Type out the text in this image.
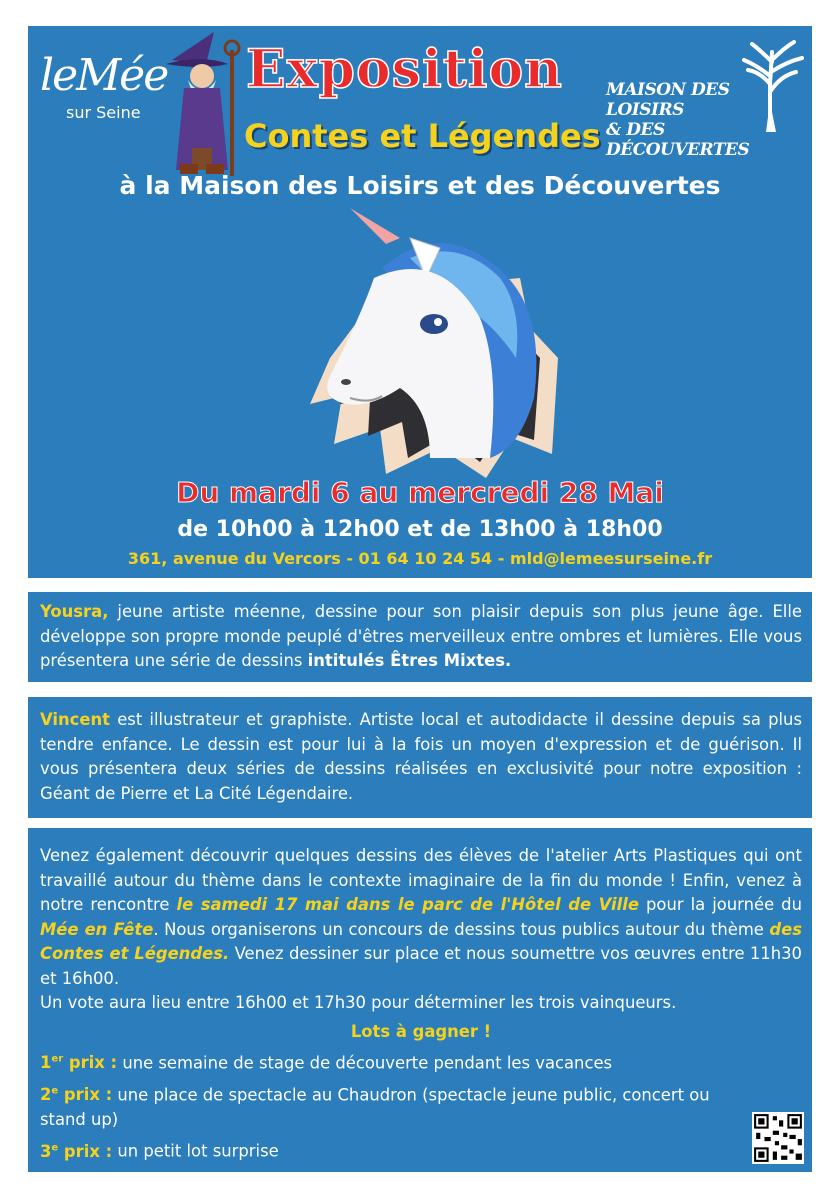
leMée
sur Seine
Exposition
Contes et Légendes
MAISON DES LOISIRS
& DES DÉCOUVERTES
à la Maison des Loisirs et des Découvertes
Du mardi 6 au mercredi 28 Mai
de 10h00 à 12h00 et de 13h00 à 18h00
361, avenue du Vercors - 01 64 10 24 54 - mld@lemeesurseine.fr
Yousra, jeune artiste méenne, dessine pour son plaisir depuis son plus jeune âge. Elle développe son propre monde peuplé d'êtres merveilleux entre ombres et lumières. Elle vous présentera une série de dessins intitulés Êtres Mixtes.
Vincent est illustrateur et graphiste. Artiste local et autodidacte il dessine depuis sa plus tendre enfance. Le dessin est pour lui à la fois un moyen d'expression et de guérison. Il vous présentera deux séries de dessins réalisées en exclusivité pour notre exposition : Géant de Pierre et La Cité Légendaire.
Venez également découvrir quelques dessins des élèves de l'atelier Arts Plastiques qui ont travaillé autour du thème dans le contexte imaginaire de la fin du monde ! Enfin, venez à notre rencontre le samedi 17 mai dans le parc de l'Hôtel de Ville pour la journée du Mée en Fête. Nous organiserons un concours de dessins tous publics autour du thème des Contes et Légendes. Venez dessiner sur place et nous soumettre vos œuvres entre 11h30 et 16h00.
Un vote aura lieu entre 16h00 et 17h30 pour déterminer les trois vainqueurs.
Lots à gagner !
1er prix : une semaine de stage de découverte pendant les vacances
2e prix : une place de spectacle au Chaudron (spectacle jeune public, concert ou stand up)
3e prix : un petit lot surprise
